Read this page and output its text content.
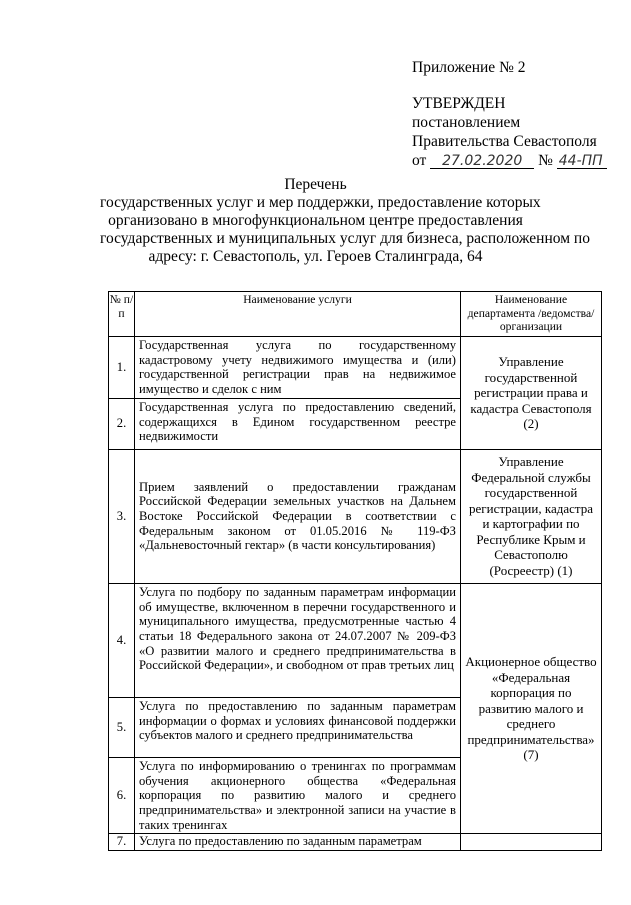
Приложение № 2
УТВЕРЖДЕН
постановлением
Правительства Севастополя
от 27.02.2020 № 44-ПП
Перечень
государственных услуг и мер поддержки, предоставление которых
организовано в многофункциональном центре предоставления
государственных и муниципальных услуг для бизнеса, расположенном по
адресу: г. Севастополь, ул. Героев Сталинграда, 64
№ п/п	Наименование услуги	Наименование департамента /ведомства/организации
1.	Государственная услуга по государственному кадастровому учету недвижимого имущества и (или) государственной регистрации прав на недвижимое имущество и сделок с ним	Управление государственной регистрации права и кадастра Севастополя (2)
2.	Государственная услуга по предоставлению сведений, содержащихся в Едином государственном реестре недвижимости	
3.	Прием заявлений о предоставлении гражданам Российской Федерации земельных участков на Дальнем Востоке Российской Федерации в соответствии с Федеральным законом от 01.05.2016 № 119-ФЗ «Дальневосточный гектар» (в части консультирования)	Управление Федеральной службы государственной регистрации, кадастра и картографии по Республике Крым и Севастополю (Росреестр) (1)
4.	Услуга по подбору по заданным параметрам информации об имуществе, включенном в перечни государственного и муниципального имущества, предусмотренные частью 4 статьи 18 Федерального закона от 24.07.2007 № 209-ФЗ «О развитии малого и среднего предпринимательства в Российской Федерации», и свободном от прав третьих лиц	Акционерное общество «Федеральная корпорация по развитию малого и среднего предпринимательства» (7)
5.	Услуга по предоставлению по заданным параметрам информации о формах и условиях финансовой поддержки субъектов малого и среднего предпринимательства	
6.	Услуга по информированию о тренингах по программам обучения акционерного общества «Федеральная корпорация по развитию малого и среднего предпринимательства» и электронной записи на участие в таких тренингах	
7.	Услуга по предоставлению по заданным параметрам	
